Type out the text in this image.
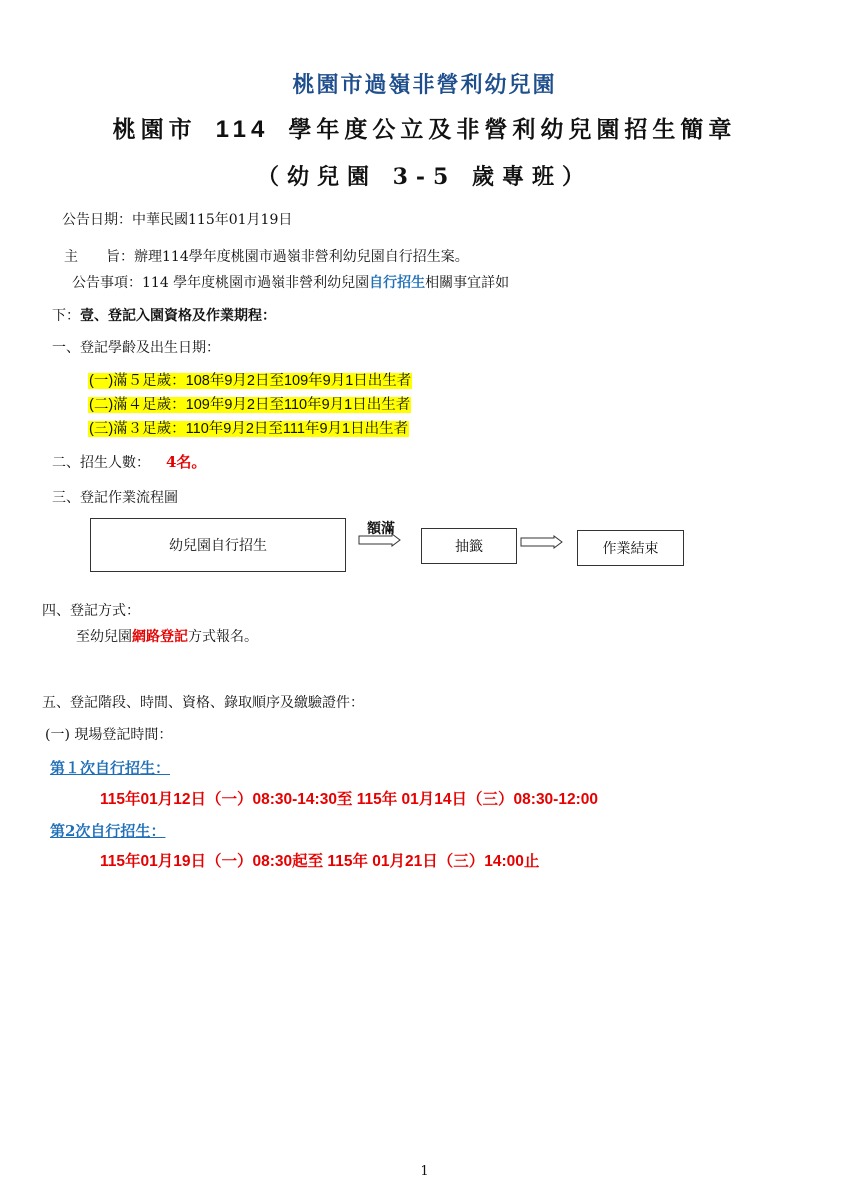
桃園市過嶺非營利幼兒園
桃園市 114 學年度公立及非營利幼兒園招生簡章
（幼兒園 3-5 歲專班）
公告日期：中華民國115年01月19日
主　　旨：辦理114學年度桃園市過嶺非營利幼兒園自行招生案。
公告事項：114 學年度桃園市過嶺非營利幼兒園自行招生相關事宜詳如
下：壹、登記入園資格及作業期程：
一、登記學齡及出生日期：
(一)滿５足歲：108年9月2日至109年9月1日出生者
(二)滿４足歲：109年9月2日至110年9月1日出生者
(三)滿３足歲：110年9月2日至111年9月1日出生者
二、招生人數： 4名。
三、登記作業流程圖
幼兒園自行招生
額滿
抽籤	作業結束
四、登記方式：
至幼兒園網路登記方式報名。
五、登記階段、時間、資格、錄取順序及繳驗證件：
(一) 現場登記時間：
第１次自行招生：
115年01月12日（一）08:30-14:30至 115年 01月14日（三）08:30-12:00
第2次自行招生：
115年01月19日（一）08:30起至 115年 01月21日（三）14:00止
1
